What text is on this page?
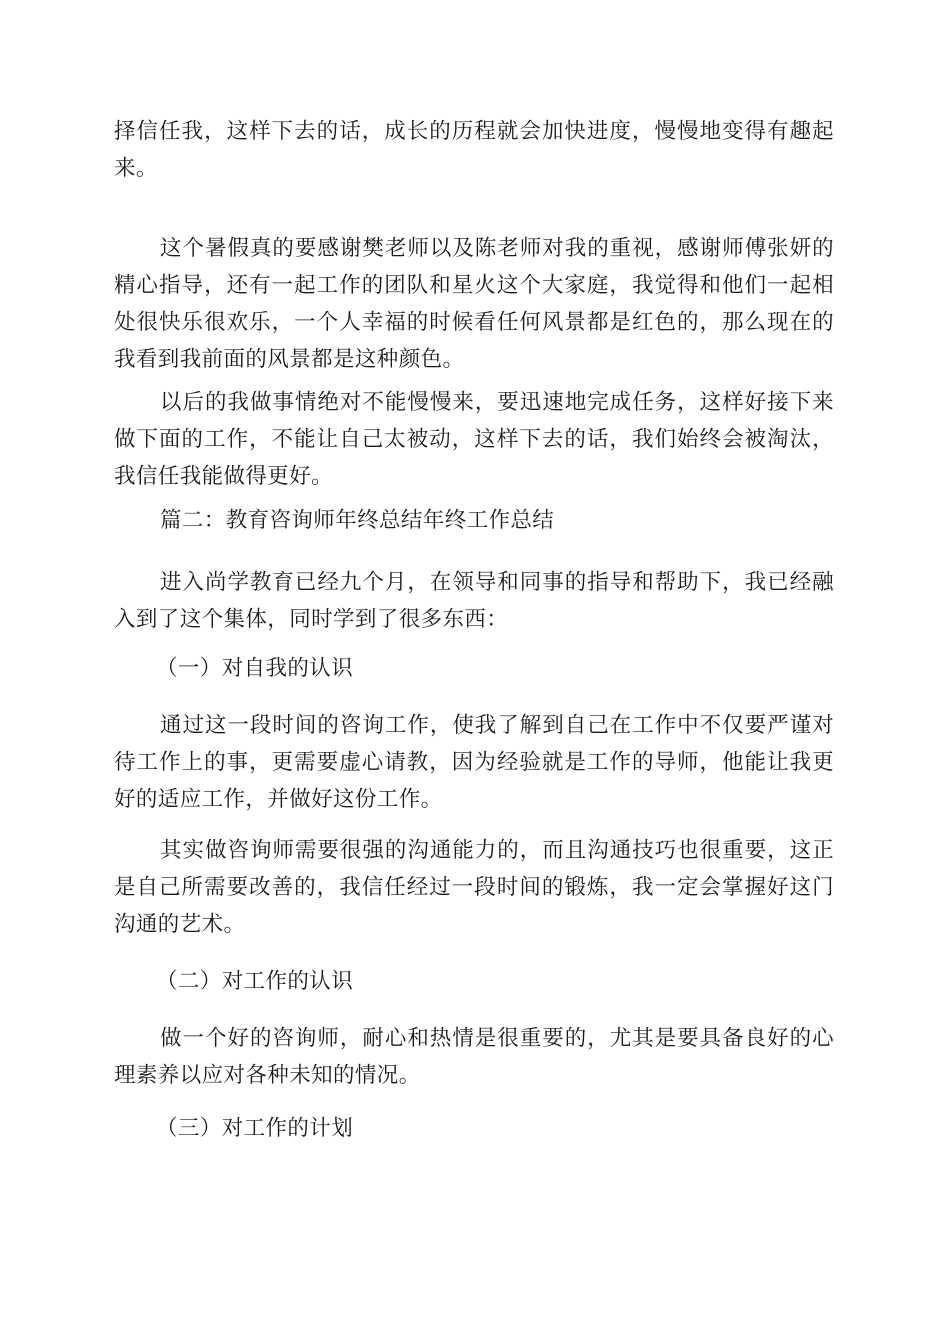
择信任我，这样下去的话，成长的历程就会加快进度，慢慢地变得有趣起来。

这个暑假真的要感谢樊老师以及陈老师对我的重视，感谢师傅张妍的精心指导，还有一起工作的团队和星火这个大家庭，我觉得和他们一起相处很快乐很欢乐，一个人幸福的时候看任何风景都是红色的，那么现在的我看到我前面的风景都是这种颜色。

以后的我做事情绝对不能慢慢来，要迅速地完成任务，这样好接下来做下面的工作，不能让自己太被动，这样下去的话，我们始终会被淘汰，我信任我能做得更好。

篇二：教育咨询师年终总结年终工作总结

进入尚学教育已经九个月，在领导和同事的指导和帮助下，我已经融入到了这个集体，同时学到了很多东西：

（一）对自我的认识

通过这一段时间的咨询工作，使我了解到自己在工作中不仅要严谨对待工作上的事，更需要虚心请教，因为经验就是工作的导师，他能让我更好的适应工作，并做好这份工作。

其实做咨询师需要很强的沟通能力的，而且沟通技巧也很重要，这正是自己所需要改善的，我信任经过一段时间的锻炼，我一定会掌握好这门沟通的艺术。

（二）对工作的认识

做一个好的咨询师，耐心和热情是很重要的，尤其是要具备良好的心理素养以应对各种未知的情况。

（三）对工作的计划
